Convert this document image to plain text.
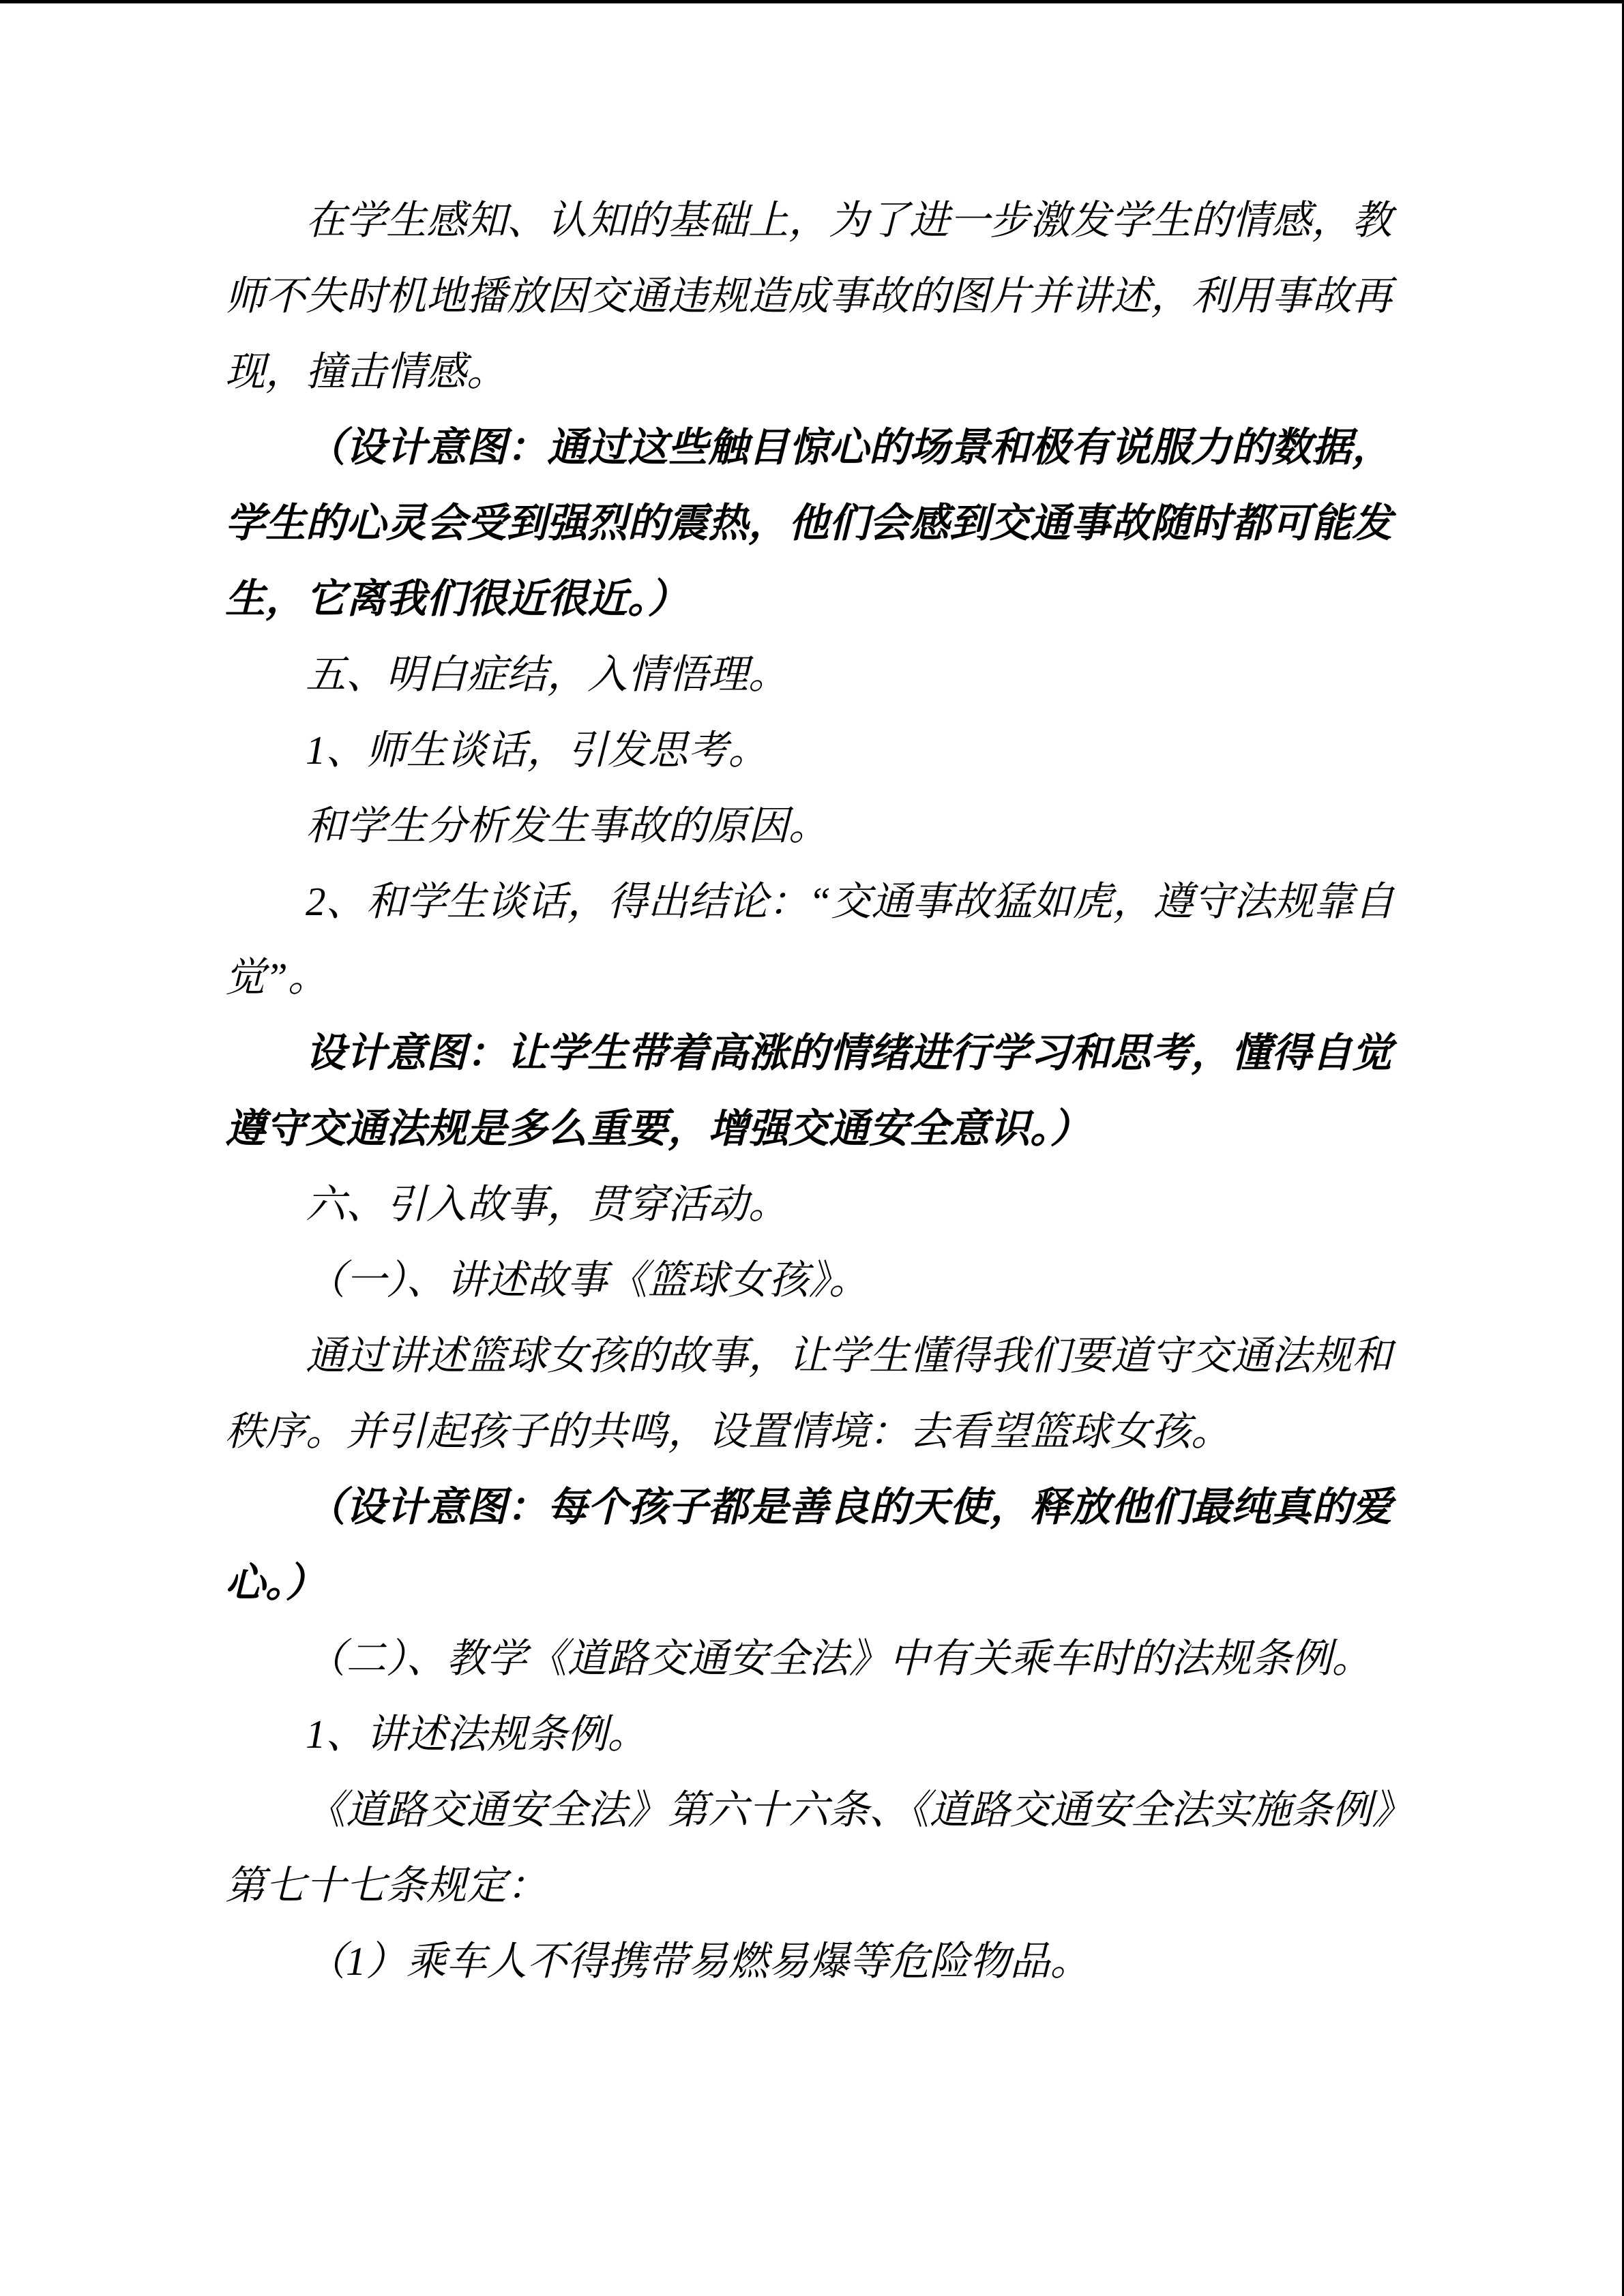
在学生感知、认知的基础上，为了进一步激发学生的情感，教师不失时机地播放因交通违规造成事故的图片并讲述，利用事故再现，撞击情感。

（设计意图：通过这些触目惊心的场景和极有说服力的数据，学生的心灵会受到强烈的震热，他们会感到交通事故随时都可能发生，它离我们很近很近。）

五、明白症结，入情悟理。

1、师生谈话，引发思考。

和学生分析发生事故的原因。

2、和学生谈话，得出结论：“交通事故猛如虎，遵守法规靠自觉”。

设计意图：让学生带着高涨的情绪进行学习和思考，懂得自觉遵守交通法规是多么重要，增强交通安全意识。）

六、引入故事，贯穿活动。

（一）、讲述故事《篮球女孩》。

通过讲述篮球女孩的故事，让学生懂得我们要道守交通法规和秩序。并引起孩子的共鸣，设置情境：去看望篮球女孩。

（设计意图：每个孩子都是善良的天使，释放他们最纯真的爱心。）

（二）、教学《道路交通安全法》中有关乘车时的法规条例。

1、讲述法规条例。

《道路交通安全法》第六十六条、《道路交通安全法实施条例》第七十七条规定：

（1）乘车人不得携带易燃易爆等危险物品。
